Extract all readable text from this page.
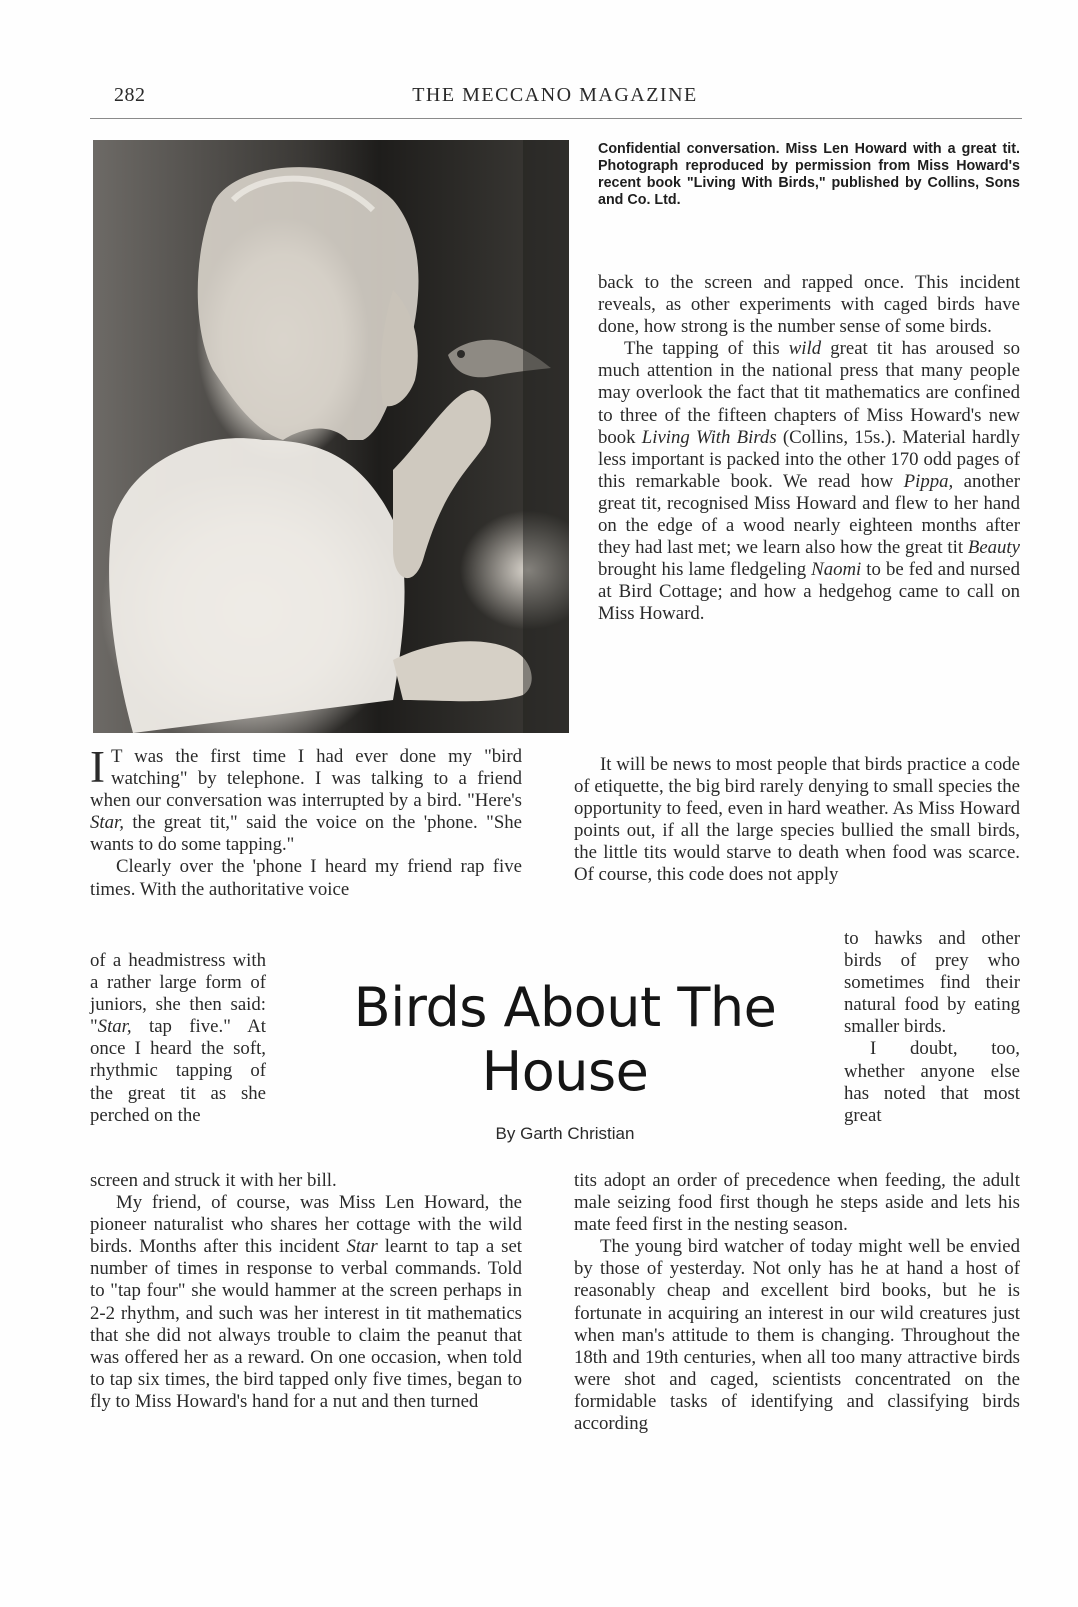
282	THE MECCANO MAGAZINE
Confidential conversation. Miss Len Howard with a great tit. Photograph reproduced by permission from Miss Howard's recent book "Living With Birds," published by Collins, Sons and Co. Ltd.

I T was the first time I had ever done my "bird watching" by telephone. I was talking to a friend when our conversation was interrupted by a bird. "Here's Star, the great tit," said the voice on the 'phone. "She wants to do some tapping."

Clearly over the 'phone I heard my friend rap five times. With the authoritative voice

of a headmistress with a rather large form of juniors, she then said: "Star, tap five." At once I heard the soft, rhythmic tapping of the great tit as she perched on the

screen and struck it with her bill.

My friend, of course, was Miss Len Howard, the pioneer naturalist who shares her cottage with the wild birds. Months after this incident Star learnt to tap a set number of times in response to verbal commands. Told to "tap four" she would hammer at the screen perhaps in 2-2 rhythm, and such was her interest in tit mathematics that she did not always trouble to claim the peanut that was offered her as a reward. On one occasion, when told to tap six times, the bird tapped only five times, began to fly to Miss Howard's hand for a nut and then turned

Birds About The
House
By Garth Christian

back to the screen and rapped once. This incident reveals, as other experiments with caged birds have done, how strong is the number sense of some birds.

The tapping of this wild great tit has aroused so much attention in the national press that many people may overlook the fact that tit mathematics are confined to three of the fifteen chapters of Miss Howard's new book Living With Birds (Collins, 15s.). Material hardly less important is packed into the other 170 odd pages of this remarkable book. We read how Pippa, another great tit, recognised Miss Howard and flew to her hand on the edge of a wood nearly eighteen months after they had last met; we learn also how the great tit Beauty brought his lame fledgeling Naomi to be fed and nursed at Bird Cottage; and how a hedgehog came to call on Miss Howard.

It will be news to most people that birds practice a code of etiquette, the big bird rarely denying to small species the opportunity to feed, even in hard weather. As Miss Howard points out, if all the large species bullied the small birds, the little tits would starve to death when food was scarce. Of course, this code does not apply

to hawks and other birds of prey who sometimes find their natural food by eating smaller birds.

I doubt, too, whether anyone else has noted that most great

tits adopt an order of precedence when feeding, the adult male seizing food first though he steps aside and lets his mate feed first in the nesting season.

The young bird watcher of today might well be envied by those of yesterday. Not only has he at hand a host of reasonably cheap and excellent bird books, but he is fortunate in acquiring an interest in our wild creatures just when man's attitude to them is changing. Throughout the 18th and 19th centuries, when all too many attractive birds were shot and caged, scientists concentrated on the formidable tasks of identifying and classifying birds according
